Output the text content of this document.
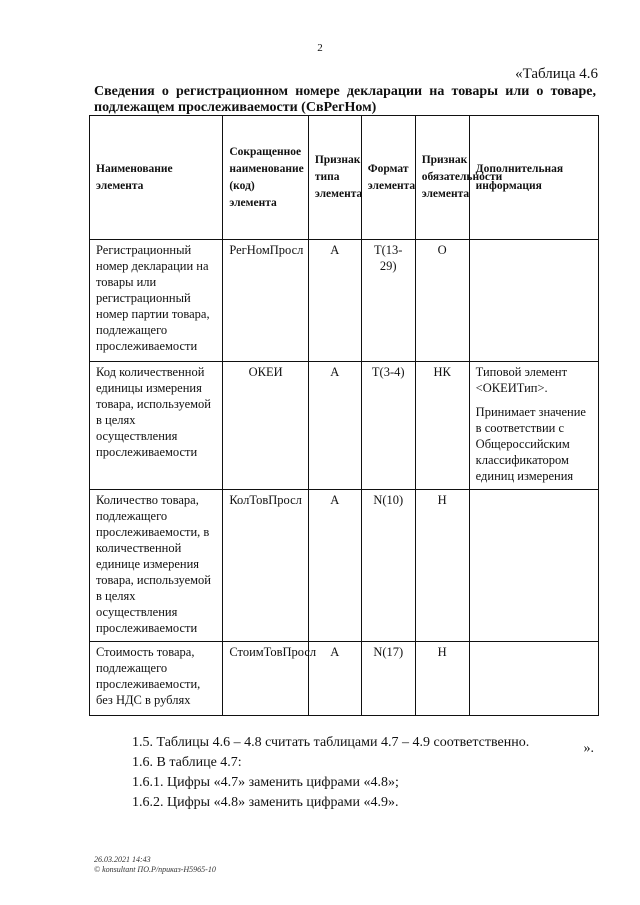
2
«Таблица 4.6
Сведения о регистрационном номере декларации на товары или о товаре,
подлежащем прослеживаемости (СвРегНом)
Наименование элемента	Сокращенное наименование (код) элемента	Признак типа элемента	Формат элемента	Признак обязательности элемента	Дополнительная информация
Регистрационный номер декларации на товары или регистрационный номер партии товара, подлежащего прослеживаемости	РегНомПросл	А	Т(13-29)	О	
Код количественной единицы измерения товара, используемой в целях осуществления прослеживаемости	ОКЕИ	А	Т(3-4)	НК	Типовой элемент <ОКЕИТип>.
Принимает значение в соответствии с Общероссийским классификатором единиц измерения

Количество товара, подлежащего прослеживаемости, в количественной единице измерения товара, используемой в целях осуществления прослеживаемости	КолТовПросл	А	N(10)	Н	
Стоимость товара, подлежащего прослеживаемости, без НДС в рублях	СтоимТовПросл	А	N(17)	Н	
».
1.5. Таблицы 4.6 – 4.8 считать таблицами 4.7 – 4.9 соответственно.
1.6. В таблице 4.7:
1.6.1. Цифры «4.7» заменить цифрами «4.8»;
1.6.2. Цифры «4.8» заменить цифрами «4.9».
26.03.2021 14:43
© konsultant ПО.Р/приказ-Н5965-10
